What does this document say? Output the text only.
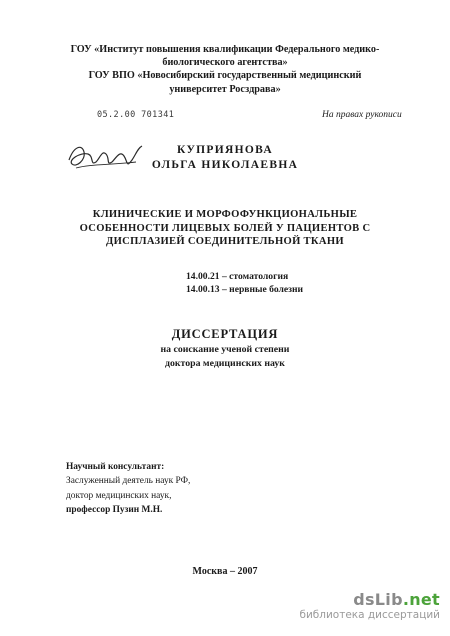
ГОУ «Институт повышения квалификации Федерального медико-
биологического агентства»
ГОУ ВПО «Новосибирский государственный медицинский
университет Росздрава»
05.2.00 701341	На правах рукописи
КУПРИЯНОВА
ОЛЬГА НИКОЛАЕВНА
КЛИНИЧЕСКИЕ И МОРФОФУНКЦИОНАЛЬНЫЕ
ОСОБЕННОСТИ ЛИЦЕВЫХ БОЛЕЙ У ПАЦИЕНТОВ С
ДИСПЛАЗИЕЙ СОЕДИНИТЕЛЬНОЙ ТКАНИ
14.00.21 – стоматология
14.00.13 – нервные болезни
ДИССЕРТАЦИЯ
на соискание ученой степени
доктора медицинских наук
Научный консультант:
Заслуженный деятель наук РФ,
доктор медицинских наук,
профессор Пузин М.Н.
Москва – 2007
dsLib.net
библиотека диссертаций
